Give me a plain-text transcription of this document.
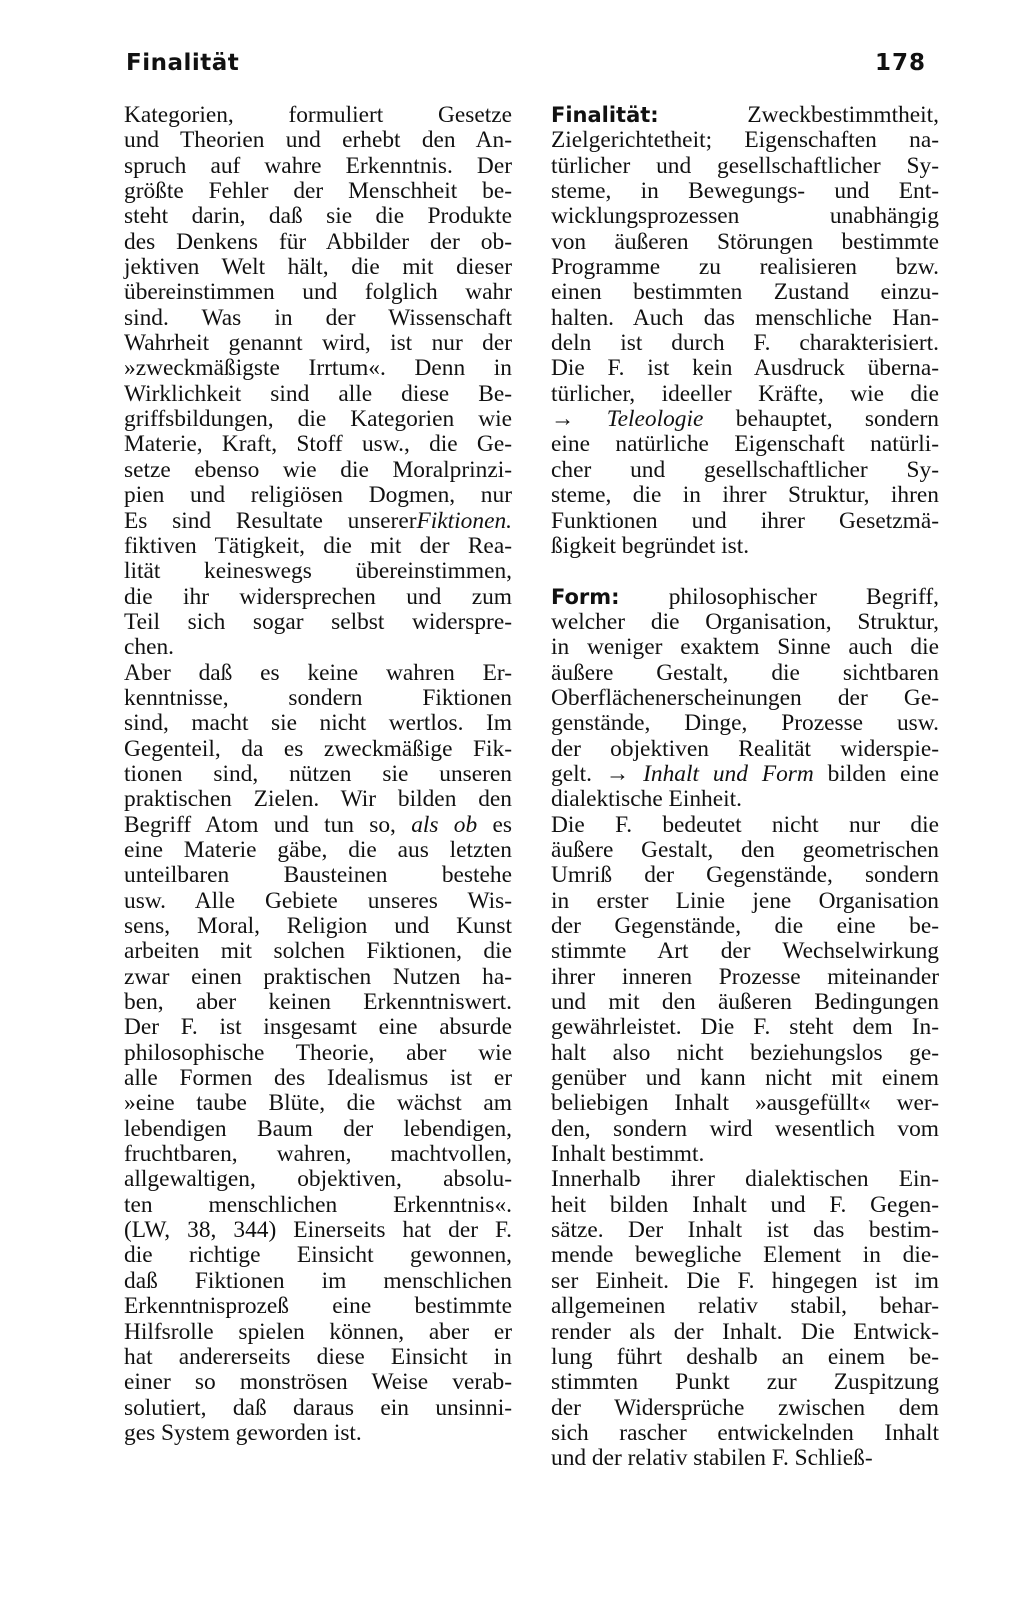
Finalität	178
Kategorien, formuliert Gesetze
und Theorien und erhebt den An-
spruch auf wahre Erkenntnis. Der
größte Fehler der Menschheit be-
steht darin, daß sie die Produkte
des Denkens für Abbilder der ob-
jektiven Welt hält, die mit dieser
übereinstimmen und folglich wahr
sind. Was in der Wissenschaft
Wahrheit genannt wird, ist nur der
»zweckmäßigste Irrtum«. Denn in
Wirklichkeit sind alle diese Be-
griffsbildungen, die Kategorien wie
Materie, Kraft, Stoff usw., die Ge-
setze ebenso wie die Moralprinzi-
pien und religiösen Dogmen, nur
Es sind Resultate unsererFiktionen.
fiktiven Tätigkeit, die mit der Rea-
lität keineswegs übereinstimmen,
die ihr widersprechen und zum
Teil sich sogar selbst widerspre-
chen.
Aber daß es keine wahren Er-
kenntnisse, sondern Fiktionen
sind, macht sie nicht wertlos. Im
Gegenteil, da es zweckmäßige Fik-
tionen sind, nützen sie unseren
praktischen Zielen. Wir bilden den
Begriff Atom und tun so, als ob es
eine Materie gäbe, die aus letzten
unteilbaren Bausteinen bestehe
usw. Alle Gebiete unseres Wis-
sens, Moral, Religion und Kunst
arbeiten mit solchen Fiktionen, die
zwar einen praktischen Nutzen ha-
ben, aber keinen Erkenntniswert.
Der F. ist insgesamt eine absurde
philosophische Theorie, aber wie
alle Formen des Idealismus ist er
»eine taube Blüte, die wächst am
lebendigen Baum der lebendigen,
fruchtbaren, wahren, machtvollen,
allgewaltigen, objektiven, absolu-
ten menschlichen Erkenntnis«.
(LW, 38, 344) Einerseits hat der F.
die richtige Einsicht gewonnen,
daß Fiktionen im menschlichen
Erkenntnisprozeß eine bestimmte
Hilfsrolle spielen können, aber er
hat andererseits diese Einsicht in
einer so monströsen Weise verab-
solutiert, daß daraus ein unsinni-
ges System geworden ist.
Finalität: Zweckbestimmtheit,
Zielgerichtetheit; Eigenschaften na-
türlicher und gesellschaftlicher Sy-
steme, in Bewegungs- und Ent-
wicklungsprozessen unabhängig
von äußeren Störungen bestimmte
Programme zu realisieren bzw.
einen bestimmten Zustand einzu-
halten. Auch das menschliche Han-
deln ist durch F. charakterisiert.
Die F. ist kein Ausdruck überna-
türlicher, ideeller Kräfte, wie die
→ Teleologie behauptet, sondern
eine natürliche Eigenschaft natürli-
cher und gesellschaftlicher Sy-
steme, die in ihrer Struktur, ihren
Funktionen und ihrer Gesetzmä-
ßigkeit begründet ist.
Form: philosophischer Begriff,
welcher die Organisation, Struktur,
in weniger exaktem Sinne auch die
äußere Gestalt, die sichtbaren
Oberflächenerscheinungen der Ge-
genstände, Dinge, Prozesse usw.
der objektiven Realität widerspie-
gelt. → Inhalt und Form bilden eine
dialektische Einheit.
Die F. bedeutet nicht nur die
äußere Gestalt, den geometrischen
Umriß der Gegenstände, sondern
in erster Linie jene Organisation
der Gegenstände, die eine be-
stimmte Art der Wechselwirkung
ihrer inneren Prozesse miteinander
und mit den äußeren Bedingungen
gewährleistet. Die F. steht dem In-
halt also nicht beziehungslos ge-
genüber und kann nicht mit einem
beliebigen Inhalt »ausgefüllt« wer-
den, sondern wird wesentlich vom
Inhalt bestimmt.
Innerhalb ihrer dialektischen Ein-
heit bilden Inhalt und F. Gegen-
sätze. Der Inhalt ist das bestim-
mende bewegliche Element in die-
ser Einheit. Die F. hingegen ist im
allgemeinen relativ stabil, behar-
render als der Inhalt. Die Entwick-
lung führt deshalb an einem be-
stimmten Punkt zur Zuspitzung
der Widersprüche zwischen dem
sich rascher entwickelnden Inhalt
und der relativ stabilen F. Schließ-
